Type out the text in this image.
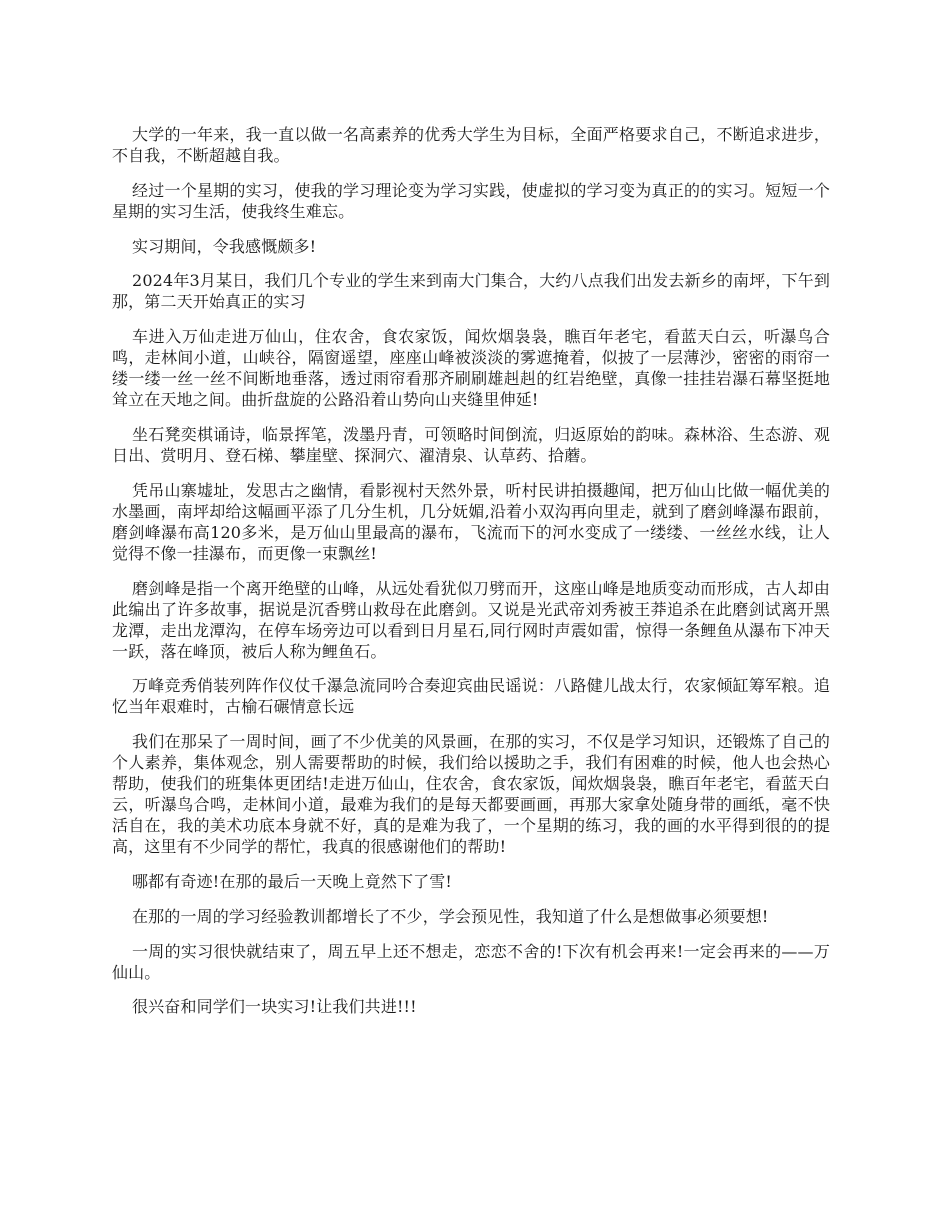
大学的一年来，我一直以做一名高素养的优秀大学生为目标，全面严格要求自己，不断追求进步，不自我，不断超越自我。

经过一个星期的实习，使我的学习理论变为学习实践，使虚拟的学习变为真正的的实习。短短一个星期的实习生活，使我终生难忘。

实习期间，令我感慨颇多!

2024年3月某日，我们几个专业的学生来到南大门集合，大约八点我们出发去新乡的南坪，下午到那，第二天开始真正的实习

车进入万仙走进万仙山，住农舍，食农家饭，闻炊烟袅袅，瞧百年老宅，看蓝天白云，听瀑鸟合鸣，走林间小道，山峡谷，隔窗遥望，座座山峰被淡淡的雾遮掩着，似披了一层薄沙，密密的雨帘一缕一缕一丝一丝不间断地垂落，透过雨帘看那齐刷刷雄赳赳的红岩绝壁，真像一挂挂岩瀑石幕坚挺地耸立在天地之间。曲折盘旋的公路沿着山势向山夹缝里伸延!

坐石凳奕棋诵诗，临景挥笔，泼墨丹青，可领略时间倒流，归返原始的韵味。森林浴、生态游、观日出、赏明月、登石梯、攀崖壁、探洞穴、濯清泉、认草药、拾蘑。

凭吊山寨墟址，发思古之幽情，看影视村天然外景，听村民讲拍摄趣闻，把万仙山比做一幅优美的水墨画，南坪却给这幅画平添了几分生机，几分妩媚,沿着小双沟再向里走，就到了磨剑峰瀑布跟前，磨剑峰瀑布高120多米，是万仙山里最高的瀑布，飞流而下的河水变成了一缕缕、一丝丝水线，让人觉得不像一挂瀑布，而更像一束飘丝!

磨剑峰是指一个离开绝壁的山峰，从远处看犹似刀劈而开，这座山峰是地质变动而形成，古人却由此编出了许多故事，据说是沉香劈山救母在此磨剑。又说是光武帝刘秀被王莽追杀在此磨剑试离开黑龙潭，走出龙潭沟，在停车场旁边可以看到日月星石,同行网时声震如雷，惊得一条鲤鱼从瀑布下冲天一跃，落在峰顶，被后人称为鲤鱼石。

万峰竞秀俏装列阵作仪仗千瀑急流同吟合奏迎宾曲民谣说：八路健儿战太行，农家倾缸筹军粮。追忆当年艰难时，古榆石碾情意长远

我们在那呆了一周时间，画了不少优美的风景画，在那的实习，不仅是学习知识，还锻炼了自己的个人素养，集体观念，别人需要帮助的时候，我们给以援助之手，我们有困难的时候，他人也会热心帮助，使我们的班集体更团结!走进万仙山，住农舍，食农家饭，闻炊烟袅袅，瞧百年老宅，看蓝天白云，听瀑鸟合鸣，走林间小道，最难为我们的是每天都要画画，再那大家拿处随身带的画纸，毫不快活自在，我的美术功底本身就不好，真的是难为我了，一个星期的练习，我的画的水平得到很的的提高，这里有不少同学的帮忙，我真的很感谢他们的帮助!

哪都有奇迹!在那的最后一天晚上竟然下了雪!

在那的一周的学习经验教训都增长了不少，学会预见性，我知道了什么是想做事必须要想!

一周的实习很快就结束了，周五早上还不想走，恋恋不舍的!下次有机会再来!一定会再来的——万仙山。

很兴奋和同学们一块实习!让我们共进!!!
